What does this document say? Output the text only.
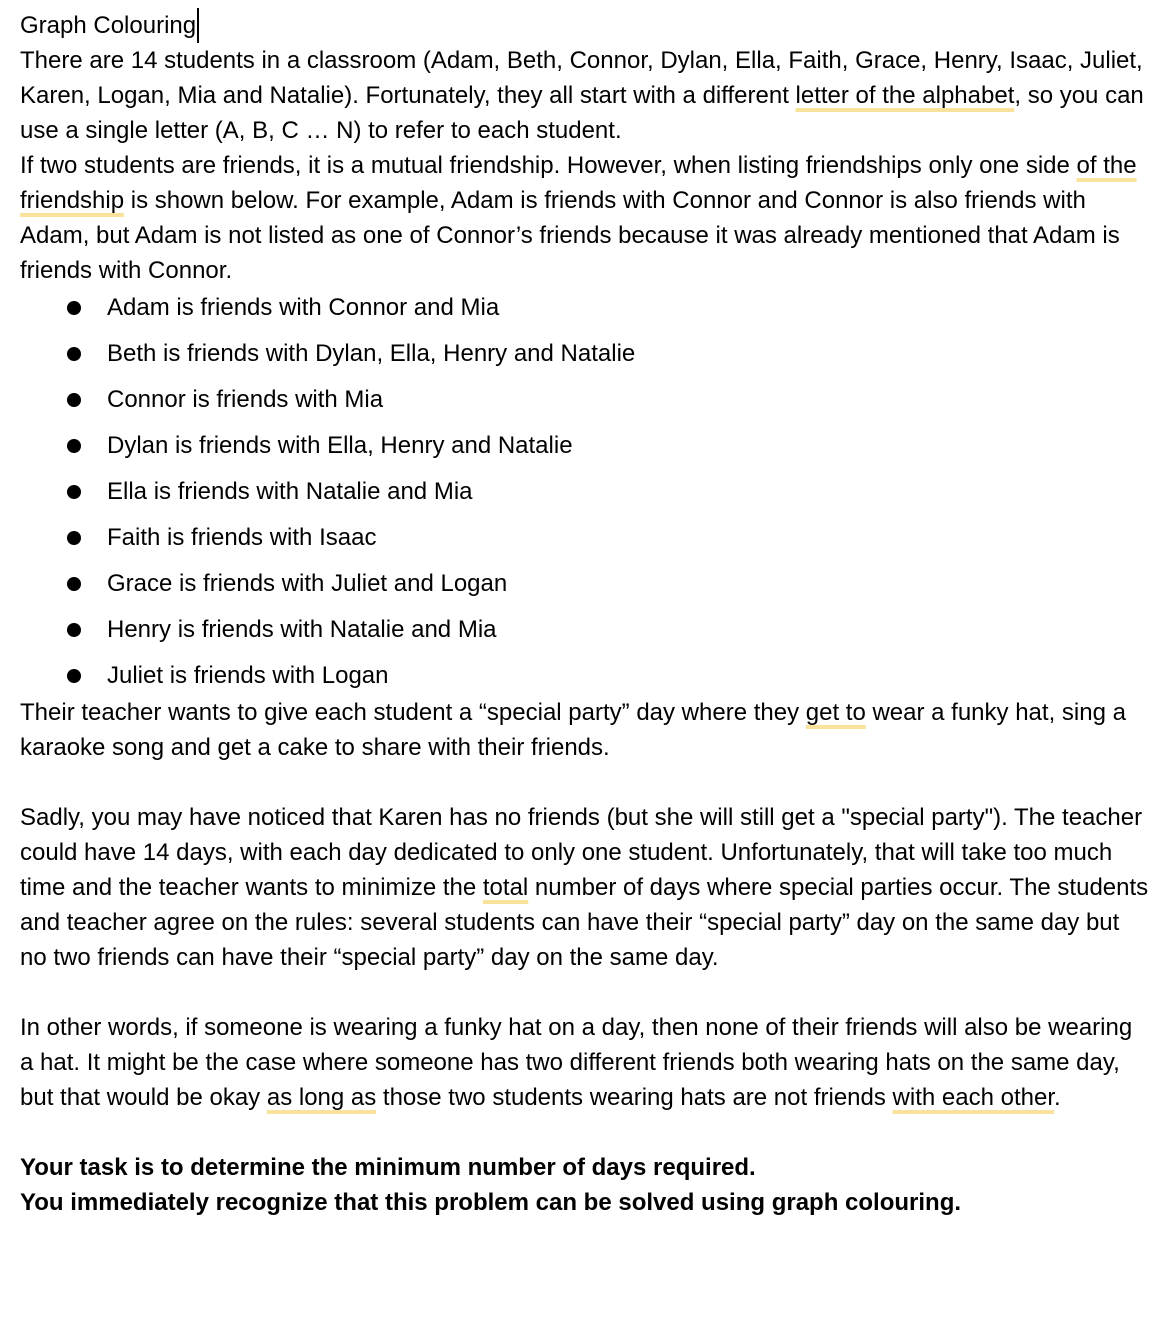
Graph Colouring

There are 14 students in a classroom (Adam, Beth, Connor, Dylan, Ella, Faith, Grace, Henry, Isaac, Juliet, Karen, Logan, Mia and Natalie). Fortunately, they all start with a different letter of the alphabet, so you can use a single letter (A, B, C … N) to refer to each student.

If two students are friends, it is a mutual friendship. However, when listing friendships only one side of the friendship is shown below. For example, Adam is friends with Connor and Connor is also friends with Adam, but Adam is not listed as one of Connor’s friends because it was already mentioned that Adam is friends with Connor.

Adam is friends with Connor and Mia
Beth is friends with Dylan, Ella, Henry and Natalie
Connor is friends with Mia
Dylan is friends with Ella, Henry and Natalie
Ella is friends with Natalie and Mia
Faith is friends with Isaac
Grace is friends with Juliet and Logan
Henry is friends with Natalie and Mia
Juliet is friends with Logan

Their teacher wants to give each student a “special party” day where they get to wear a funky hat, sing a karaoke song and get a cake to share with their friends.

Sadly, you may have noticed that Karen has no friends (but she will still get a "special party"). The teacher could have 14 days, with each day dedicated to only one student. Unfortunately, that will take too much time and the teacher wants to minimize the total number of days where special parties occur. The students and teacher agree on the rules: several students can have their “special party” day on the same day but no two friends can have their “special party” day on the same day.

In other words, if someone is wearing a funky hat on a day, then none of their friends will also be wearing a hat. It might be the case where someone has two different friends both wearing hats on the same day, but that would be okay as long as those two students wearing hats are not friends with each other.

Your task is to determine the minimum number of days required.

You immediately recognize that this problem can be solved using graph colouring.
